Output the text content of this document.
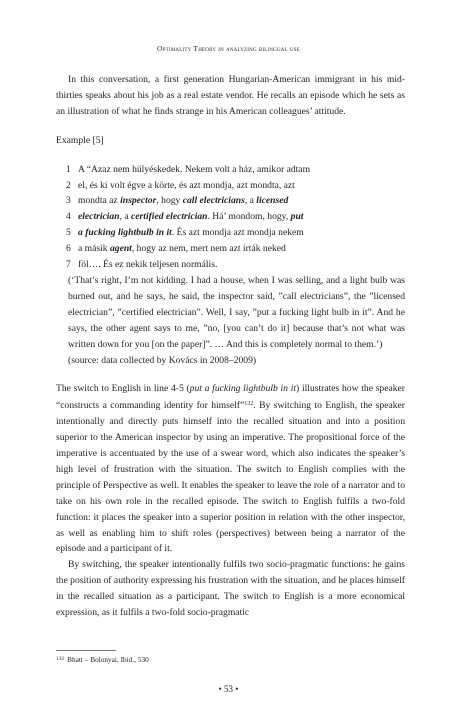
Optimality Theory in analyzing bilingual use

In this conversation, a first generation Hungarian-American immigrant in his mid-thirties speaks about his job as a real estate vendor. He recalls an episode which he sets as an illustration of what he finds strange in his American colleagues’ attitude.

Example [5]
1 A “Azaz nem hülyéskedek. Nekem volt a ház, amikor adtam
2 el, és ki volt égve a körte, és azt mondja, azt mondta, azt
3 mondta az inspector, hogy call electricians, a licensed
4 electrician, a certified electrician. Há’ mondom, hogy, put
5 a fucking lightbulb in it. És azt mondja azt mondja nekem
6 a másik agent, hogy az nem, mert nem azt írták neked
7 föl…. És ez nekik teljesen normális.
(‘That’s right, I’m not kidding. I had a house, when I was selling, and a light bulb was burned out, and he says, he said, the inspector said, ”call electricians”, the ”licensed electrician”, ”certified electrician”. Well, I say, ”put a fucking light bulb in it”. And he says, the other agent says to me, ”no, [you can’t do it] because that’s not what was written down for you [on the paper]”. … And this is completely normal to them.’)
(source: data collected by Kovács in 2008–2009)

The switch to English in line 4-5 (put a fucking lightbulb in it) illustrates how the speaker “constructs a commanding identity for himself”$^{132}$. By switching to English, the speaker intentionally and directly puts himself into the recalled situation and into a position superior to the American inspector by using an imperative. The propositional force of the imperative is accentuated by the use of a swear word, which also indicates the speaker’s high level of frustration with the situation. The switch to English complies with the principle of Perspective as well. It enables the speaker to leave the role of a narrator and to take on his own role in the recalled episode. The switch to English fulfils a two-fold function: it places the speaker into a superior position in relation with the other inspector, as well as enabling him to shift roles (perspectives) between being a narrator of the episode and a participant of it.

By switching, the speaker intentionally fulfils two socio-pragmatic functions: he gains the position of authority expressing his frustration with the situation, and he places himself in the recalled situation as a participant. The switch to English is a more economical expression, as it fulfils a two-fold socio-pragmatic

$^{132}$ Bhatt – Bolonyai, Ibid., 530
• 53 •
